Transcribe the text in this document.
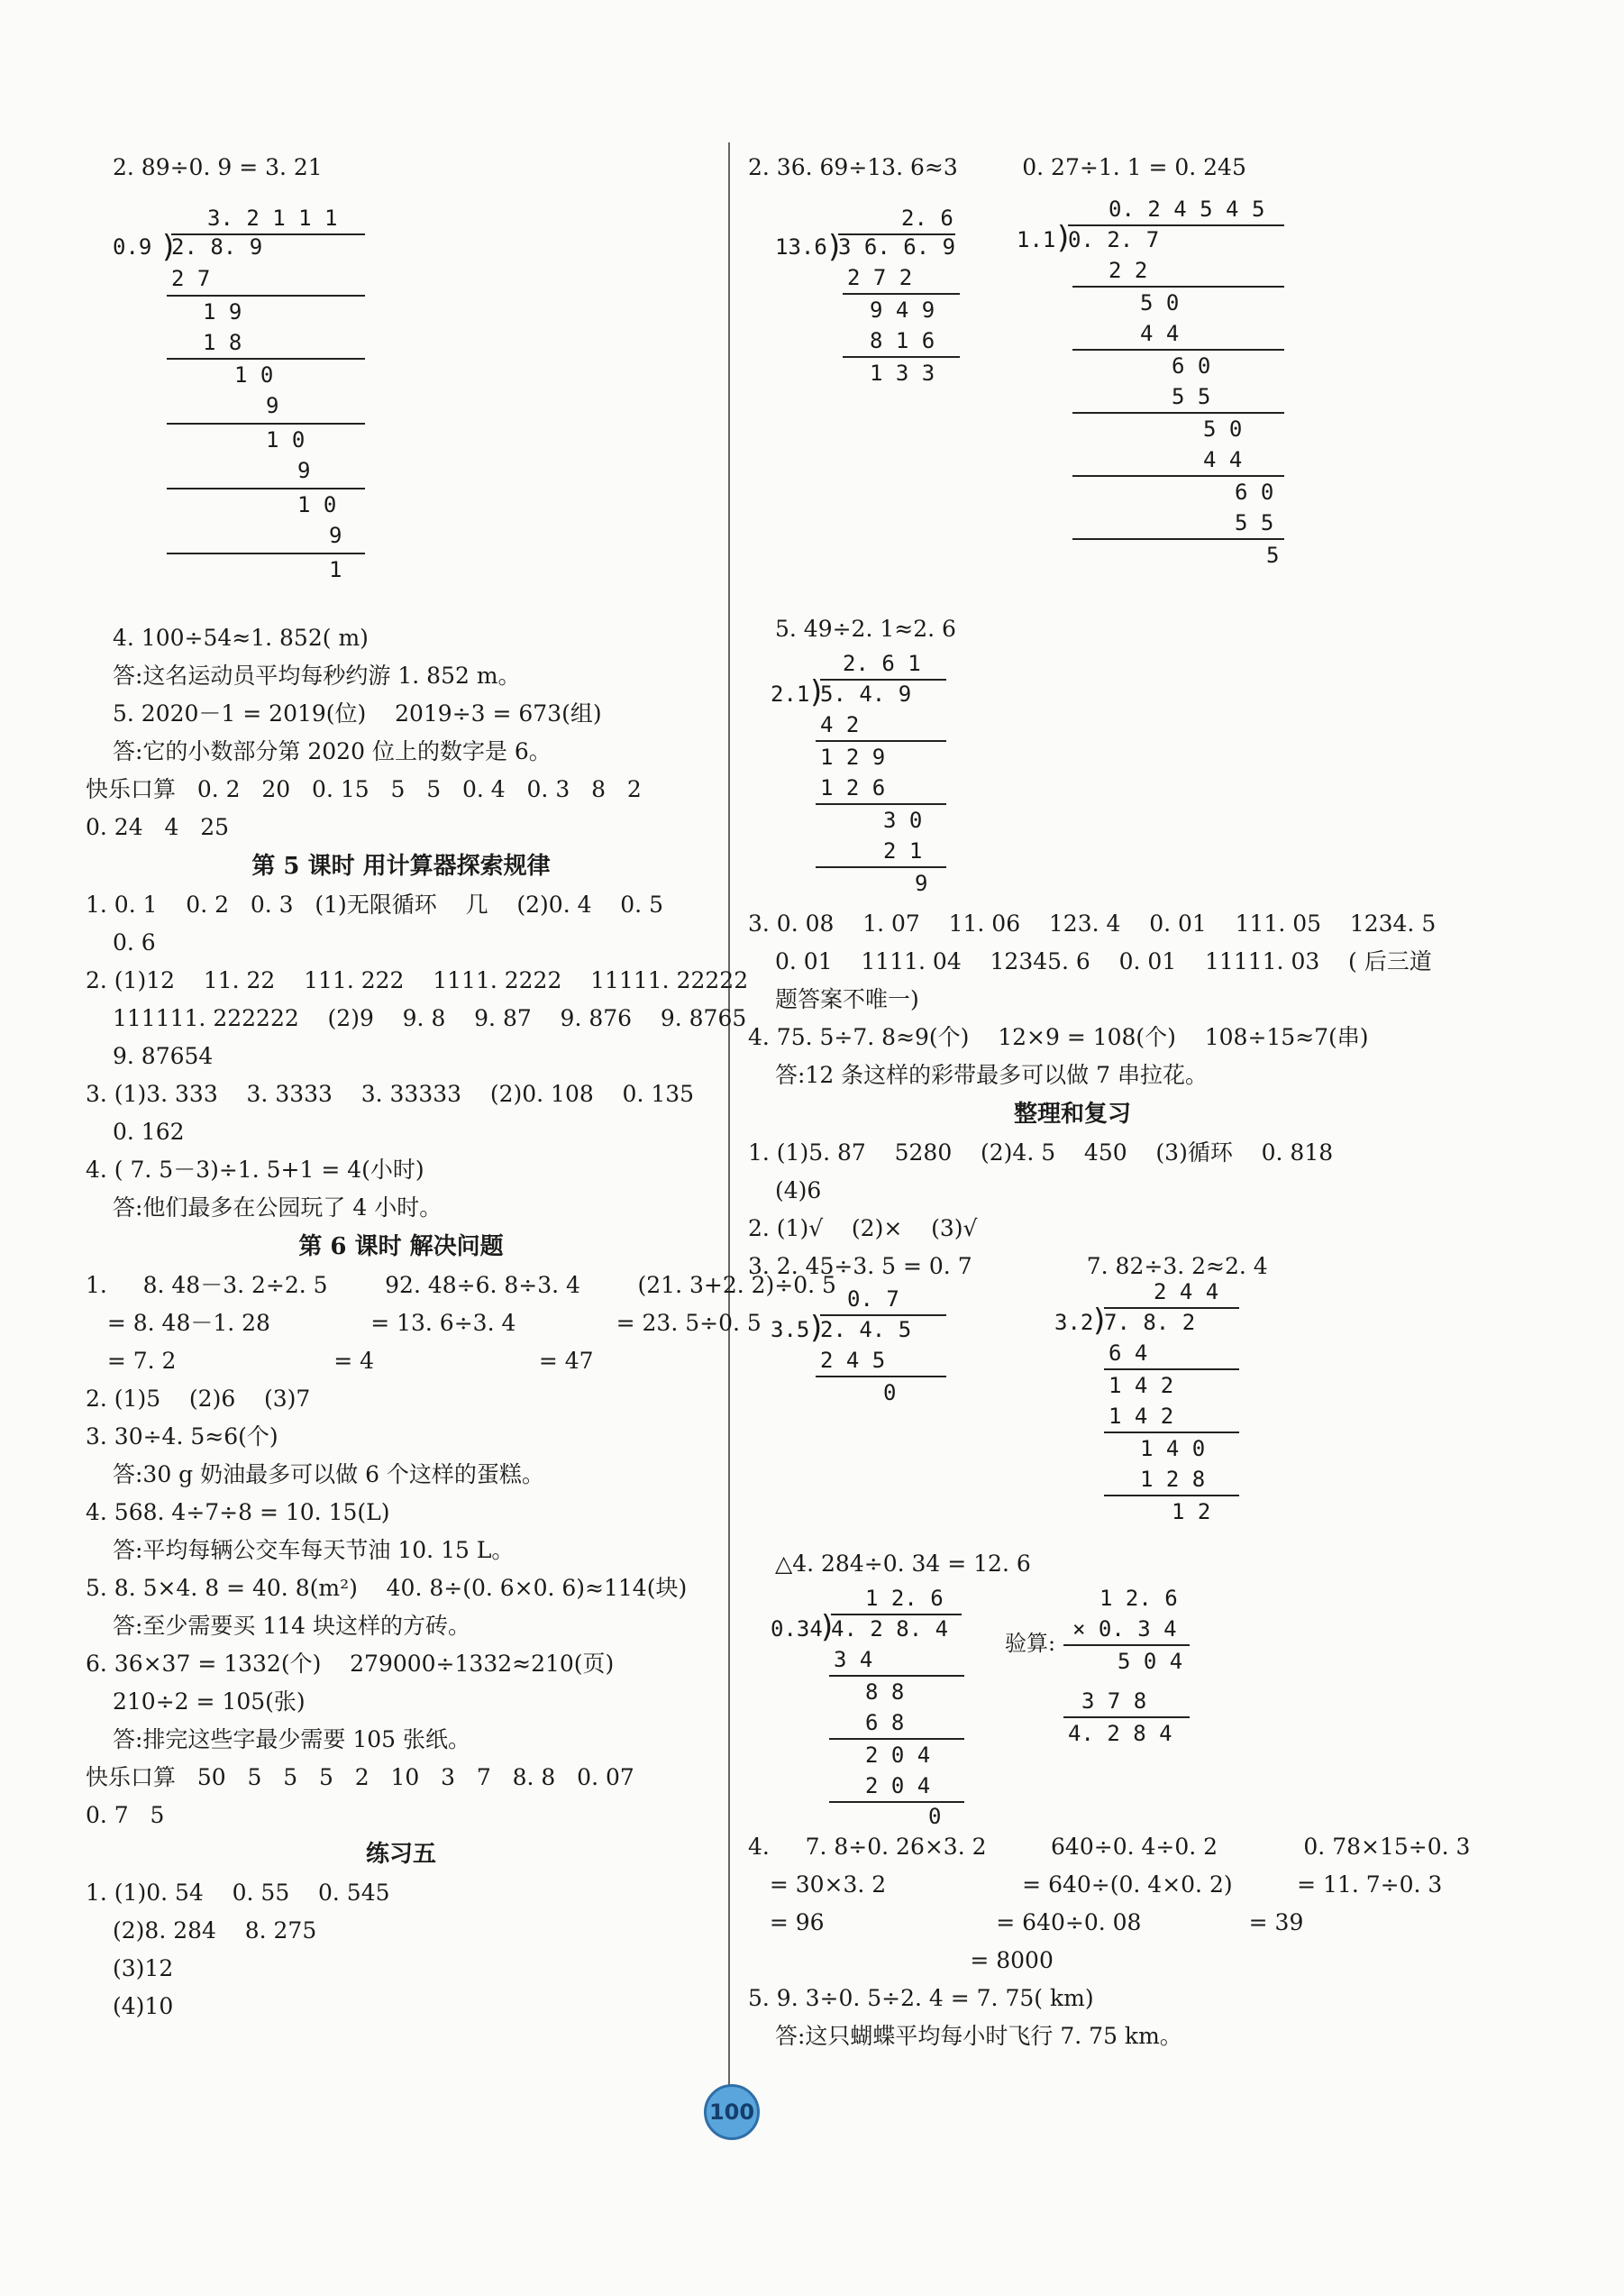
2. 89÷0. 9 = 3. 21
3. 2 1 1 1
0.9 )
2. 8. 9
2 7
1 9
1 8
1 0
9
1 0
9
1 0
9
1
4. 100÷54≈1. 852( m)
答:这名运动员平均每秒约游 1. 852 m。
5. 2020－1 = 2019(位)    2019÷3 = 673(组)
答:它的小数部分第 2020 位上的数字是 6。
快乐口算   0. 2   20   0. 15   5   5   0. 4   0. 3   8   2
0. 24   4   25
第 5 课时 用计算器探索规律
1. 0. 1    0. 2   0. 3   (1)无限循环    几    (2)0. 4    0. 5
0. 6
2. (1)12    11. 22    111. 222    1111. 2222    11111. 22222
111111. 222222    (2)9    9. 8    9. 87    9. 876    9. 8765
9. 87654
3. (1)3. 333    3. 3333    3. 33333    (2)0. 108    0. 135
0. 162
4. ( 7. 5－3)÷1. 5+1 = 4(小时)
答:他们最多在公园玩了 4 小时。
第 6 课时 解决问题
1.     8. 48－3. 2÷2. 5        92. 48÷6. 8÷3. 4        (21. 3+2. 2)÷0. 5
= 8. 48－1. 28              = 13. 6÷3. 4              = 23. 5÷0. 5
= 7. 2                      = 4                       = 47
2. (1)5    (2)6    (3)7
3. 30÷4. 5≈6(个)
答:30 g 奶油最多可以做 6 个这样的蛋糕。
4. 568. 4÷7÷8 = 10. 15(L)
答:平均每辆公交车每天节油 10. 15 L。
5. 8. 5×4. 8 = 40. 8(m²)    40. 8÷(0. 6×0. 6)≈114(块)
答:至少需要买 114 块这样的方砖。
6. 36×37 = 1332(个)    279000÷1332≈210(页)
210÷2 = 105(张)
答:排完这些字最少需要 105 张纸。
快乐口算   50   5   5   5   2   10   3   7   8. 8   0. 07
0. 7   5
练习五
1. (1)0. 54    0. 55    0. 545
(2)8. 284    8. 275
(3)12
(4)10
2. 36. 69÷13. 6≈3         0. 27÷1. 1 = 0. 245
2. 6
13.6
)
3 6. 6. 9
2 7 2
9 4 9
8 1 6
1 3 3
0. 2 4 5 4 5
1.1
)
0. 2. 7
2 2
5 0
4 4
6 0
5 5
5 0
4 4
6 0
5 5
5
5. 49÷2. 1≈2. 6
2. 6 1
2.1
)
5. 4. 9
4 2
1 2 9
1 2 6
3 0
2 1
9
3. 0. 08    1. 07    11. 06    123. 4    0. 01    111. 05    1234. 5
0. 01    1111. 04    12345. 6    0. 01    11111. 03    ( 后三道
题答案不唯一)
4. 75. 5÷7. 8≈9(个)    12×9 = 108(个)    108÷15≈7(串)
答:12 条这样的彩带最多可以做 7 串拉花。
整理和复习
1. (1)5. 87    5280    (2)4. 5    450    (3)循环    0. 818
(4)6
2. (1)√    (2)×    (3)√
3. 2. 45÷3. 5 = 0. 7                7. 82÷3. 2≈2. 4
0. 7
3.5
)
2. 4. 5
2 4 5
0
2 4 4
3.2
)
7. 8. 2
6 4
1 4 2
1 4 2
1 4 0
1 2 8
1 2
△4. 284÷0. 34 = 12. 6
1 2. 6
0.34
)
4. 2 8. 4
3 4
8 8
6 8
2 0 4
2 0 4
0
验算:
1 2. 6
× 0. 3 4
5 0 4
3 7 8
4. 2 8 4
4.     7. 8÷0. 26×3. 2         640÷0. 4÷0. 2            0. 78×15÷0. 3
= 30×3. 2                   = 640÷(0. 4×0. 2)         = 11. 7÷0. 3
= 96                        = 640÷0. 08               = 39
= 8000
5. 9. 3÷0. 5÷2. 4 = 7. 75( km)
答:这只蝴蝶平均每小时飞行 7. 75 km。
100
